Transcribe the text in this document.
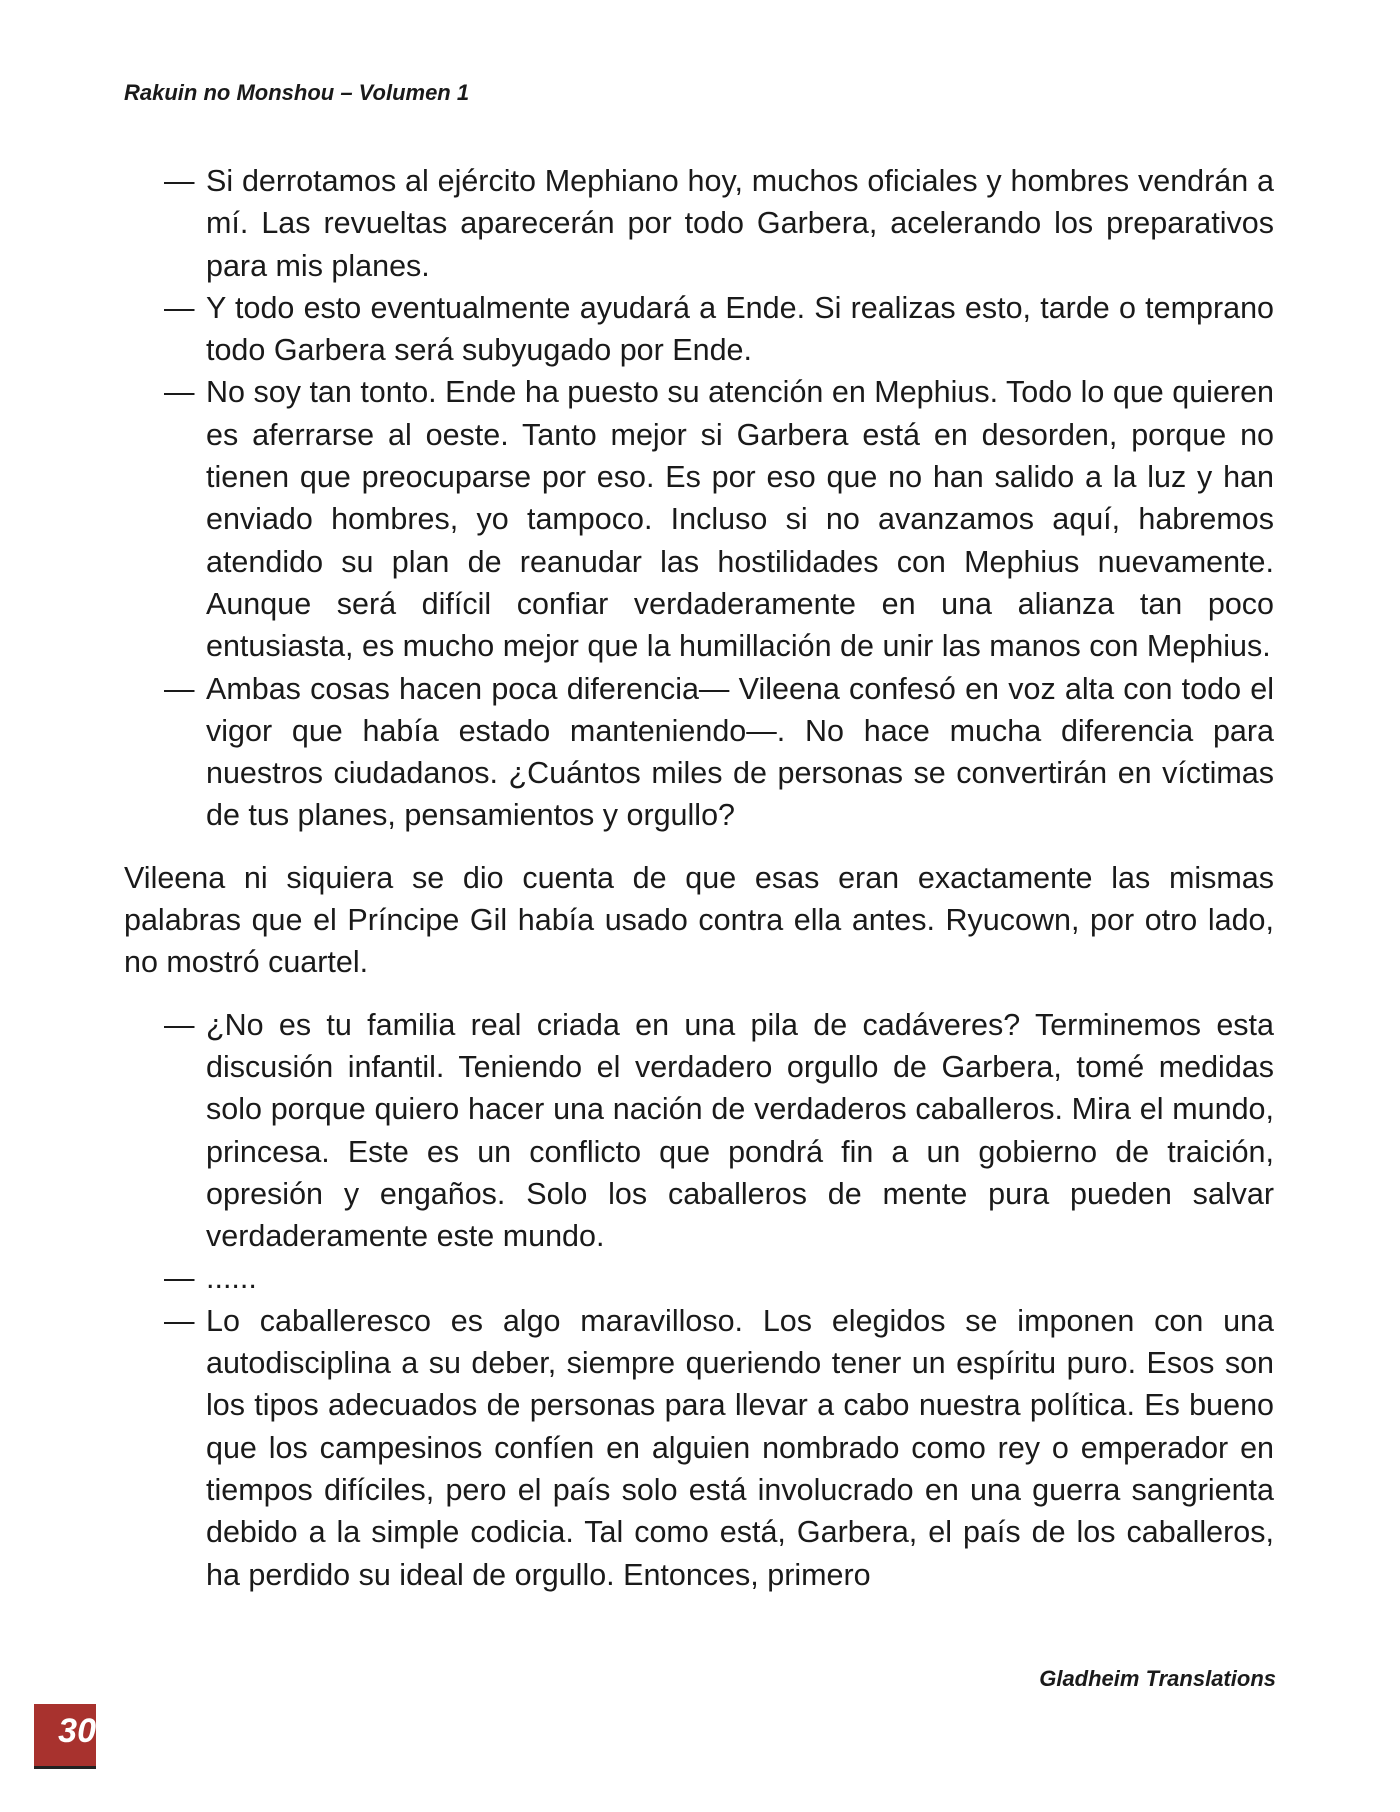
Rakuin no Monshou – Volumen 1
— Si derrotamos al ejército Mephiano hoy, muchos oficiales y hombres vendrán a mí. Las revueltas aparecerán por todo Garbera, acelerando los preparativos para mis planes.
— Y todo esto eventualmente ayudará a Ende. Si realizas esto, tarde o temprano todo Garbera será subyugado por Ende.
— No soy tan tonto. Ende ha puesto su atención en Mephius. Todo lo que quieren es aferrarse al oeste. Tanto mejor si Garbera está en desorden, porque no tienen que preocuparse por eso. Es por eso que no han salido a la luz y han enviado hombres, yo tampoco. Incluso si no avanzamos aquí, habremos atendido su plan de reanudar las hostilidades con Mephius nuevamente. Aunque será difícil confiar verdaderamente en una alianza tan poco entusiasta, es mucho mejor que la humillación de unir las manos con Mephius.
— Ambas cosas hacen poca diferencia— Vileena confesó en voz alta con todo el vigor que había estado manteniendo—. No hace mucha diferencia para nuestros ciudadanos. ¿Cuántos miles de personas se convertirán en víctimas de tus planes, pensamientos y orgullo?
Vileena ni siquiera se dio cuenta de que esas eran exactamente las mismas palabras que el Príncipe Gil había usado contra ella antes. Ryucown, por otro lado, no mostró cuartel.
— ¿No es tu familia real criada en una pila de cadáveres? Terminemos esta discusión infantil. Teniendo el verdadero orgullo de Garbera, tomé medidas solo porque quiero hacer una nación de verdaderos caballeros. Mira el mundo, princesa. Este es un conflicto que pondrá fin a un gobierno de traición, opresión y engaños. Solo los caballeros de mente pura pueden salvar verdaderamente este mundo.
— ......
— Lo caballeresco es algo maravilloso. Los elegidos se imponen con una autodisciplina a su deber, siempre queriendo tener un espíritu puro. Esos son los tipos adecuados de personas para llevar a cabo nuestra política. Es bueno que los campesinos confíen en alguien nombrado como rey o emperador en tiempos difíciles, pero el país solo está involucrado en una guerra sangrienta debido a la simple codicia. Tal como está, Garbera, el país de los caballeros, ha perdido su ideal de orgullo. Entonces, primero
Gladheim Translations
30
